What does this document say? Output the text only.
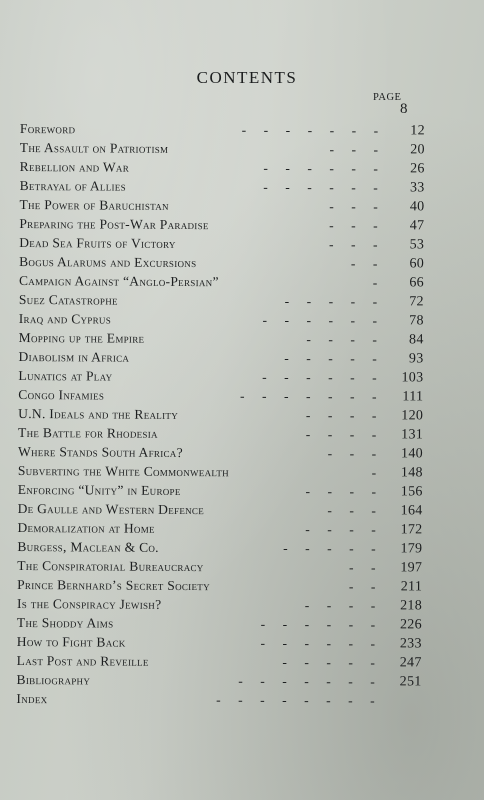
CONTENTS
PAGE
8
Foreword	- - - - - - -	12
The Assault on Patriotism	- - -	20
Rebellion and War	- - - - - -	26
Betrayal of Allies	- - - - - -	33
The Power of Baruchistan	- - -	40
Preparing the Post-War Paradise	- - -	47
Dead Sea Fruits of Victory	- - -	53
Bogus Alarums and Excursions	- -	60
Campaign Against “Anglo-Persian”	-	66
Suez Catastrophe	- - - - -	72
Iraq and Cyprus	- - - - - -	78
Mopping up the Empire	- - - -	84
Diabolism in Africa	- - - - -	93
Lunatics at Play	- - - - - -	103
Congo Infamies	- - - - - - -	111
U.N. Ideals and the Reality	- - - -	120
The Battle for Rhodesia	- - - -	131
Where Stands South Africa?	- - -	140
Subverting the White Commonwealth	-	148
Enforcing “Unity” in Europe	- - - -	156
De Gaulle and Western Defence	- - -	164
Demoralization at Home	- - - -	172
Burgess, Maclean & Co.	- - - - -	179
The Conspiratorial Bureaucracy	- -	197
Prince Bernhard’s Secret Society	- -	211
Is the Conspiracy Jewish?	- - - -	218
The Shoddy Aims	- - - - - -	226
How to Fight Back	- - - - - -	233
Last Post and Reveille	- - - - -	247
Bibliography	- - - - - - -	251
Index	- - - - - - - -
